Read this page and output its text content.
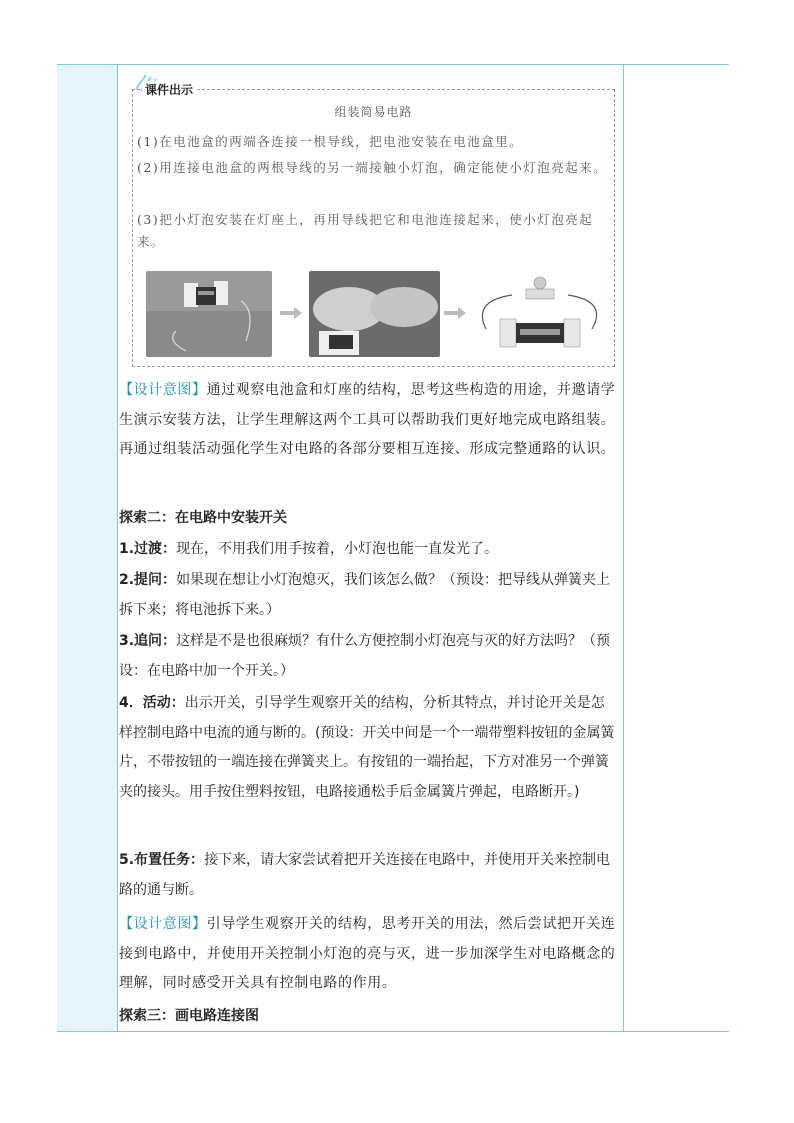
课件出示
组装简易电路
(1)在电池盒的两端各连接一根导线，把电池安装在电池盒里。
(2)用连接电池盒的两根导线的另一端接触小灯泡，确定能使小灯泡亮起来。
(3)把小灯泡安装在灯座上，再用导线把它和电池连接起来，使小灯泡亮起来。
【设计意图】通过观察电池盒和灯座的结构，思考这些构造的用途，并邀请学生演示安装方法，让学生理解这两个工具可以帮助我们更好地完成电路组装。再通过组装活动强化学生对电路的各部分要相互连接、形成完整通路的认识。
探索二：在电路中安装开关
1.过渡：现在，不用我们用手按着，小灯泡也能一直发光了。
2.提问：如果现在想让小灯泡熄灭，我们该怎么做？（预设：把导线从弹簧夹上拆下来；将电池拆下来。）
3.追问：这样是不是也很麻烦？有什么方便控制小灯泡亮与灭的好方法吗？（预设：在电路中加一个开关。）
4．活动：出示开关，引导学生观察开关的结构，分析其特点，并讨论开关是怎样控制电路中电流的通与断的。(预设：开关中间是一个一端带塑料按钮的金属簧片，不带按钮的一端连接在弹簧夹上。有按钮的一端抬起，下方对准另一个弹簧夹的接头。用手按住塑料按钮，电路接通松手后金属簧片弹起，电路断开。)
5.布置任务：接下来，请大家尝试着把开关连接在电路中，并使用开关来控制电路的通与断。
【设计意图】引导学生观察开关的结构，思考开关的用法，然后尝试把开关连接到电路中，并使用开关控制小灯泡的亮与灭，进一步加深学生对电路概念的理解，同时感受开关具有控制电路的作用。
探索三：画电路连接图
